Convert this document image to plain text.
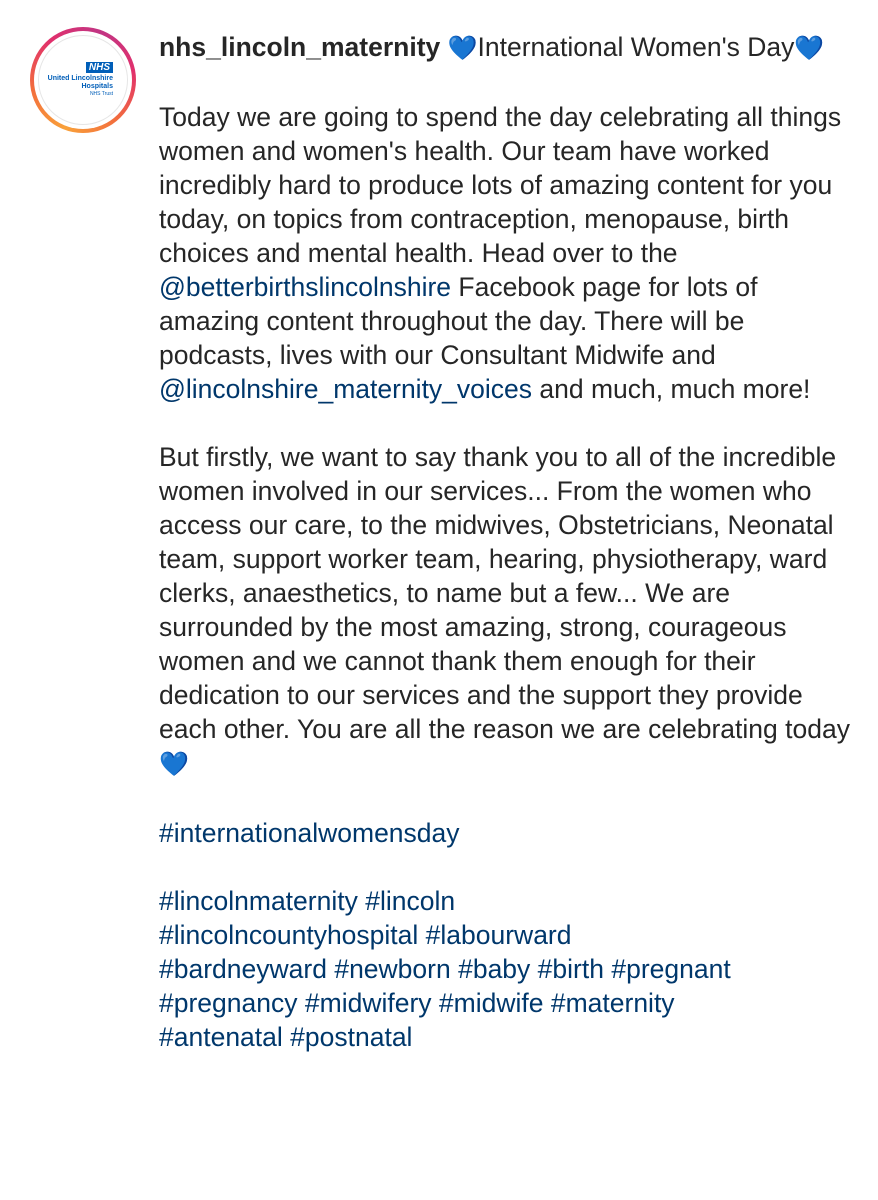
NHS
United Lincolnshire
Hospitals
NHS Trust

nhs_lincoln_maternity 💙International Women's Day💙

Today we are going to spend the day celebrating all things women and women's health. Our team have worked incredibly hard to produce lots of amazing content for you today, on topics from contraception, menopause, birth choices and mental health. Head over to the @betterbirthslincolnshire Facebook page for lots of amazing content throughout the day. There will be podcasts, lives with our Consultant Midwife and @lincolnshire_maternity_voices and much, much more!

But firstly, we want to say thank you to all of the incredible women involved in our services... From the women who access our care, to the midwives, Obstetricians, Neonatal team, support worker team, hearing, physiotherapy, ward clerks, anaesthetics, to name but a few... We are surrounded by the most amazing, strong, courageous women and we cannot thank them enough for their dedication to our services and the support they provide each other. You are all the reason we are celebrating today 💙

#internationalwomensday

#lincolnmaternity #lincoln
#lincolncountyhospital #labourward
#bardneyward #newborn #baby #birth #pregnant
#pregnancy #midwifery #midwife #maternity
#antenatal #postnatal
